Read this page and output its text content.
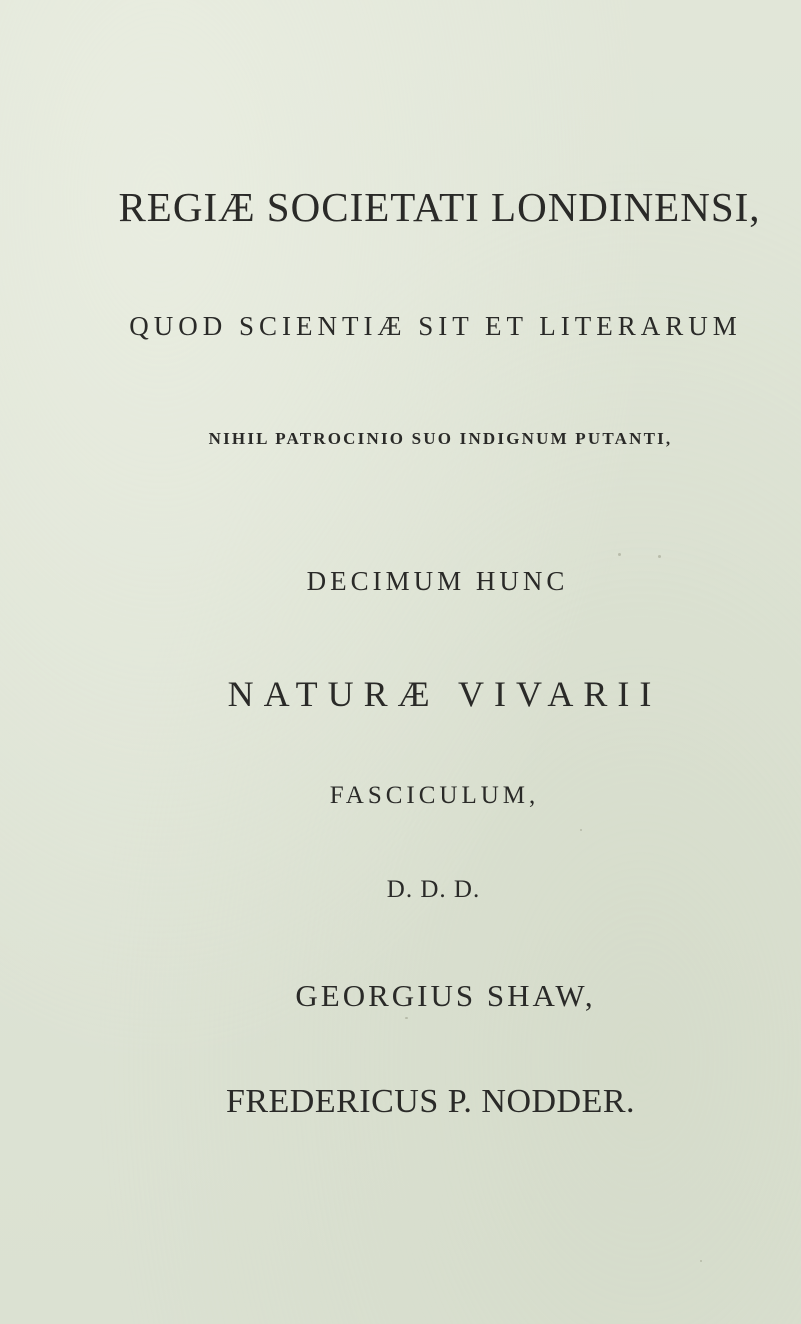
REGIÆ SOCIETATI LONDINENSI,
QUOD SCIENTIÆ SIT ET LITERARUM
NIHIL PATROCINIO SUO INDIGNUM PUTANTI,
DECIMUM HUNC
NATURÆ VIVARII
FASCICULUM,
D. D. D.
GEORGIUS SHAW,
FREDERICUS P. NODDER.
